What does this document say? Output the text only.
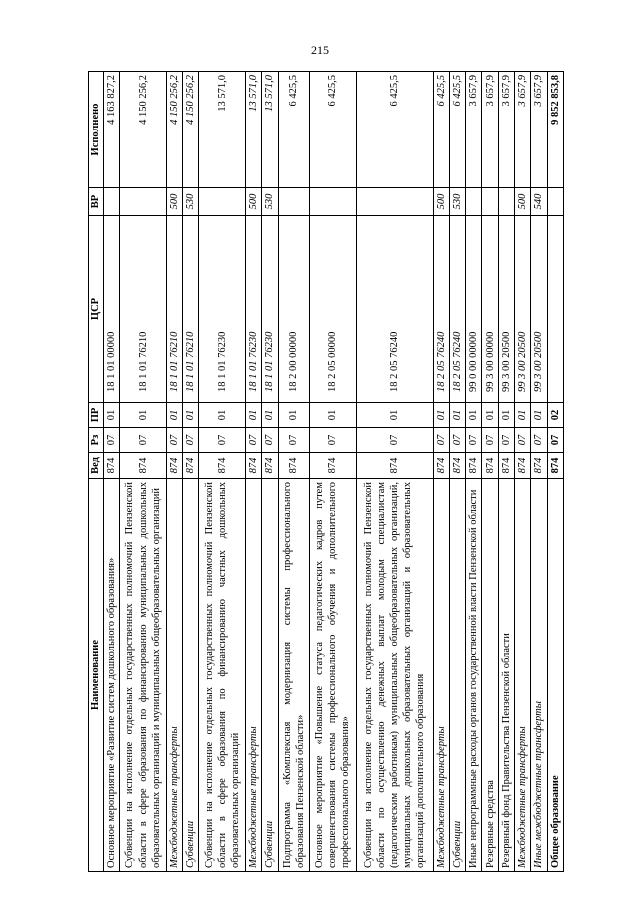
215
Наименование	Вед	Рз	ПР	ЦСР	ВР	Исполнено
Основное мероприятие «Развитие систем дошкольного образования»	874	07	01	18 1 01 00000		4 163 827,2
Субвенции на исполнение отдельных государственных полномочий Пензенской области в сфере образования по финансированию муниципальных дошкольных образовательных организаций и муниципальных общеобразовательных организаций	874	07	01	18 1 01 76210		4 150 256,2
Межбюджетные трансферты	874	07	01	18 1 01 76210	500	4 150 256,2
Субвенции	874	07	01	18 1 01 76210	530	4 150 256,2
Субвенции на исполнение отдельных государственных полномочий Пензенской области в сфере образования по финансированию частных дошкольных образовательных организаций	874	07	01	18 1 01 76230		13 571,0
Межбюджетные трансферты	874	07	01	18 1 01 76230	500	13 571,0
Субвенции	874	07	01	18 1 01 76230	530	13 571,0
Подпрограмма «Комплексная модернизация системы профессионального образования Пензенской области»	874	07	01	18 2 00 00000		6 425,5
Основное мероприятие «Повышение статуса педагогических кадров путем совершенствования системы профессионального обучения и дополнительного профессионального образования»	874	07	01	18 2 05 00000		6 425,5
Субвенции на исполнение отдельных государственных полномочий Пензенской области по осуществлению денежных выплат молодым специалистам (педагогическим работникам) муниципальных общеобразовательных организаций, муниципальных дошкольных образовательных организаций и образовательных организаций дополнительного образования	874	07	01	18 2 05 76240		6 425,5
Межбюджетные трансферты	874	07	01	18 2 05 76240	500	6 425,5
Субвенции	874	07	01	18 2 05 76240	530	6 425,5
Иные непрограммные расходы органов государственной власти Пензенской области	874	07	01	99 0 00 00000		3 657,9
Резервные средства	874	07	01	99 3 00 00000		3 657,9
Резервный фонд Правительства Пензенской области	874	07	01	99 3 00 20500		3 657,9
Межбюджетные трансферты	874	07	01	99 3 00 20500	500	3 657,9
Иные межбюджетные трансферты	874	07	01	99 3 00 20500	540	3 657,9
Общее образование	874	07	02			9 852 853,8
